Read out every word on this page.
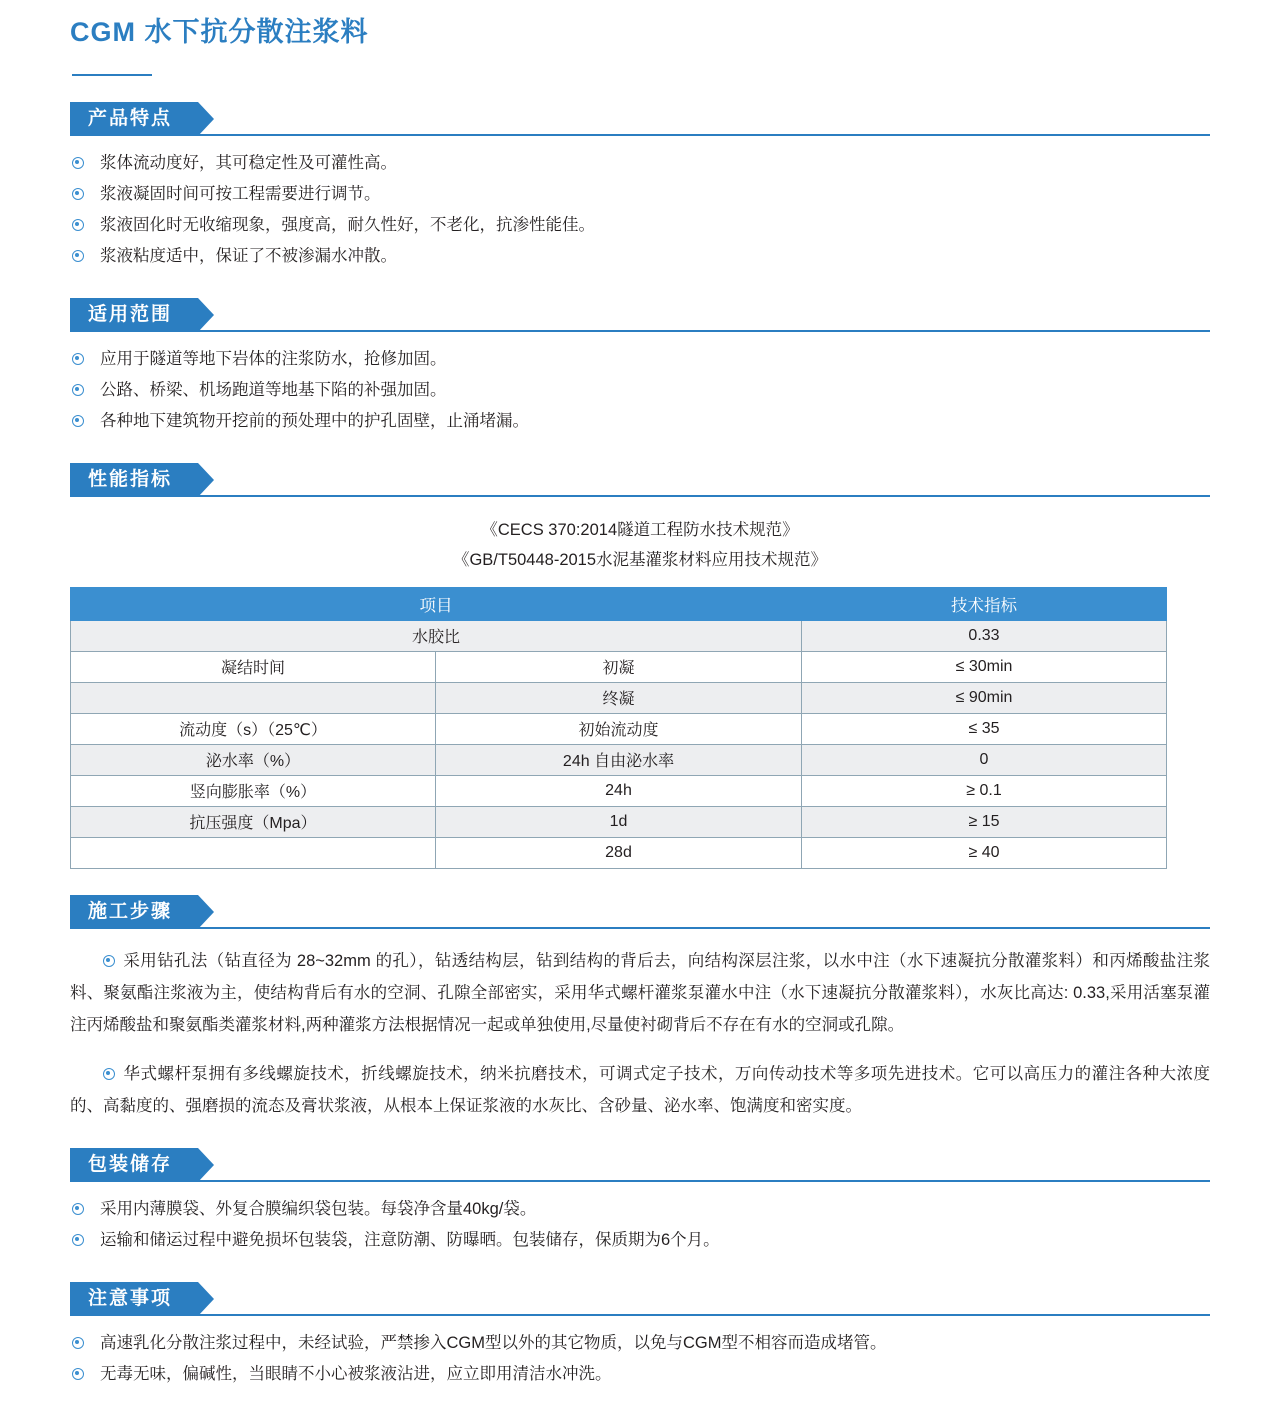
CGM 水下抗分散注浆料
产品特点
浆体流动度好，其可稳定性及可灌性高。
浆液凝固时间可按工程需要进行调节。
浆液固化时无收缩现象，强度高，耐久性好，不老化，抗渗性能佳。
浆液粘度适中，保证了不被渗漏水冲散。
适用范围
应用于隧道等地下岩体的注浆防水，抢修加固。
公路、桥梁、机场跑道等地基下陷的补强加固。
各种地下建筑物开挖前的预处理中的护孔固壁，止涌堵漏。
性能指标
《CECS 370:2014隧道工程防水技术规范》
《GB/T50448-2015水泥基灌浆材料应用技术规范》
项目		技术指标
水胶比		0.33
凝结时间	初凝	≤ 30min
	终凝	≤ 90min
流动度（s）（25℃）	初始流动度	≤ 35
泌水率（%）	24h 自由泌水率	0
竖向膨胀率（%）	24h	≥ 0.1
抗压强度（Mpa）	1d	≥ 15
	28d	≥ 40
施工步骤

采用钻孔法（钻直径为 28~32mm 的孔），钻透结构层，钻到结构的背后去，向结构深层注浆，以水中注（水下速凝抗分散灌浆料）和丙烯酸盐注浆料、聚氨酯注浆液为主，使结构背后有水的空洞、孔隙全部密实，采用华式螺杆灌浆泵灌水中注（水下速凝抗分散灌浆料），水灰比高达: 0.33,采用活塞泵灌注丙烯酸盐和聚氨酯类灌浆材料,两种灌浆方法根据情况一起或单独使用,尽量使衬砌背后不存在有水的空洞或孔隙。

华式螺杆泵拥有多线螺旋技术，折线螺旋技术，纳米抗磨技术，可调式定子技术，万向传动技术等多项先进技术。它可以高压力的灌注各种大浓度的、高黏度的、强磨损的流态及膏状浆液，从根本上保证浆液的水灰比、含砂量、泌水率、饱满度和密实度。

包装储存
采用内薄膜袋、外复合膜编织袋包装。每袋净含量40kg/袋。
运输和储运过程中避免损坏包装袋，注意防潮、防曝晒。包装储存，保质期为6个月。
注意事项
高速乳化分散注浆过程中，未经试验，严禁掺入CGM型以外的其它物质，以免与CGM型不相容而造成堵管。
无毒无味，偏碱性，当眼睛不小心被浆液沾进，应立即用清洁水冲洗。
